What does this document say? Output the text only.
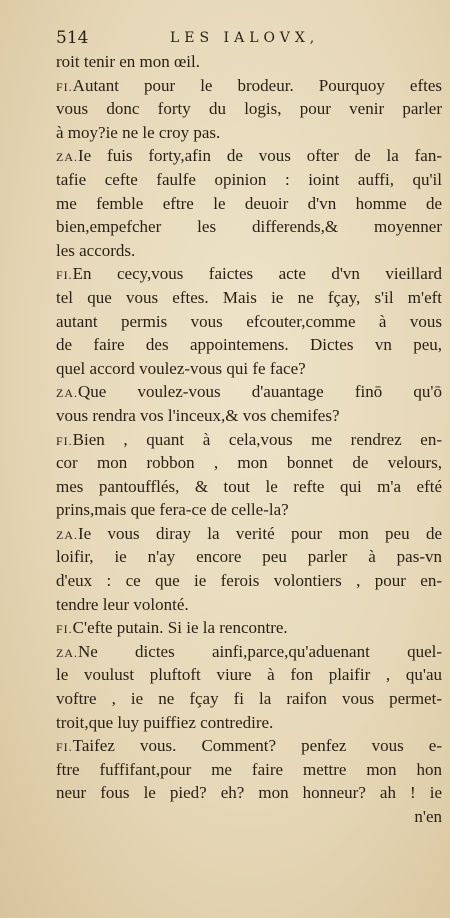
514	LES IALOVX,
roit tenir en mon œil.
FI.Autant pour le brodeur. Pourquoy eftes
vous donc forty du logis, pour venir parler
à moy?ie ne le croy pas.
ZA.Ie fuis forty,afin de vous ofter de la fan-
tafie cefte faulfe opinion : ioint auffi, qu'il
me femble eftre le deuoir d'vn homme de
bien,empefcher les differends,& moyenner
les accords.
FI.En cecy,vous faictes acte d'vn vieillard
tel que vous eftes. Mais ie ne fçay, s'il m'eft
autant permis vous efcouter,comme à vous
de faire des appointemens. Dictes vn peu,
quel accord voulez-vous qui fe face?
ZA.Que voulez-vous d'auantage finō qu'ō
vous rendra vos l'inceux,& vos chemifes?
FI.Bien , quant à cela,vous me rendrez en-
cor mon robbon , mon bonnet de velours,
mes pantoufflés, & tout le refte qui m'a efté
prins,mais que fera-ce de celle-la?
ZA.Ie vous diray la verité pour mon peu de
loifir, ie n'ay encore peu parler à pas-vn
d'eux : ce que ie ferois volontiers , pour en-
tendre leur volonté.
FI.C'efte putain. Si ie la rencontre.
ZA.Ne dictes ainfi,parce,qu'aduenant quel-
le voulust pluftoft viure à fon plaifir , qu'au
voftre , ie ne fçay fi la raifon vous permet-
troit,que luy puiffiez contredire.
FI.Taifez vous. Comment? penfez vous e-
ftre fuffifant,pour me faire mettre mon hon
neur fous le pied? eh? mon honneur? ah ! ie
n'en
